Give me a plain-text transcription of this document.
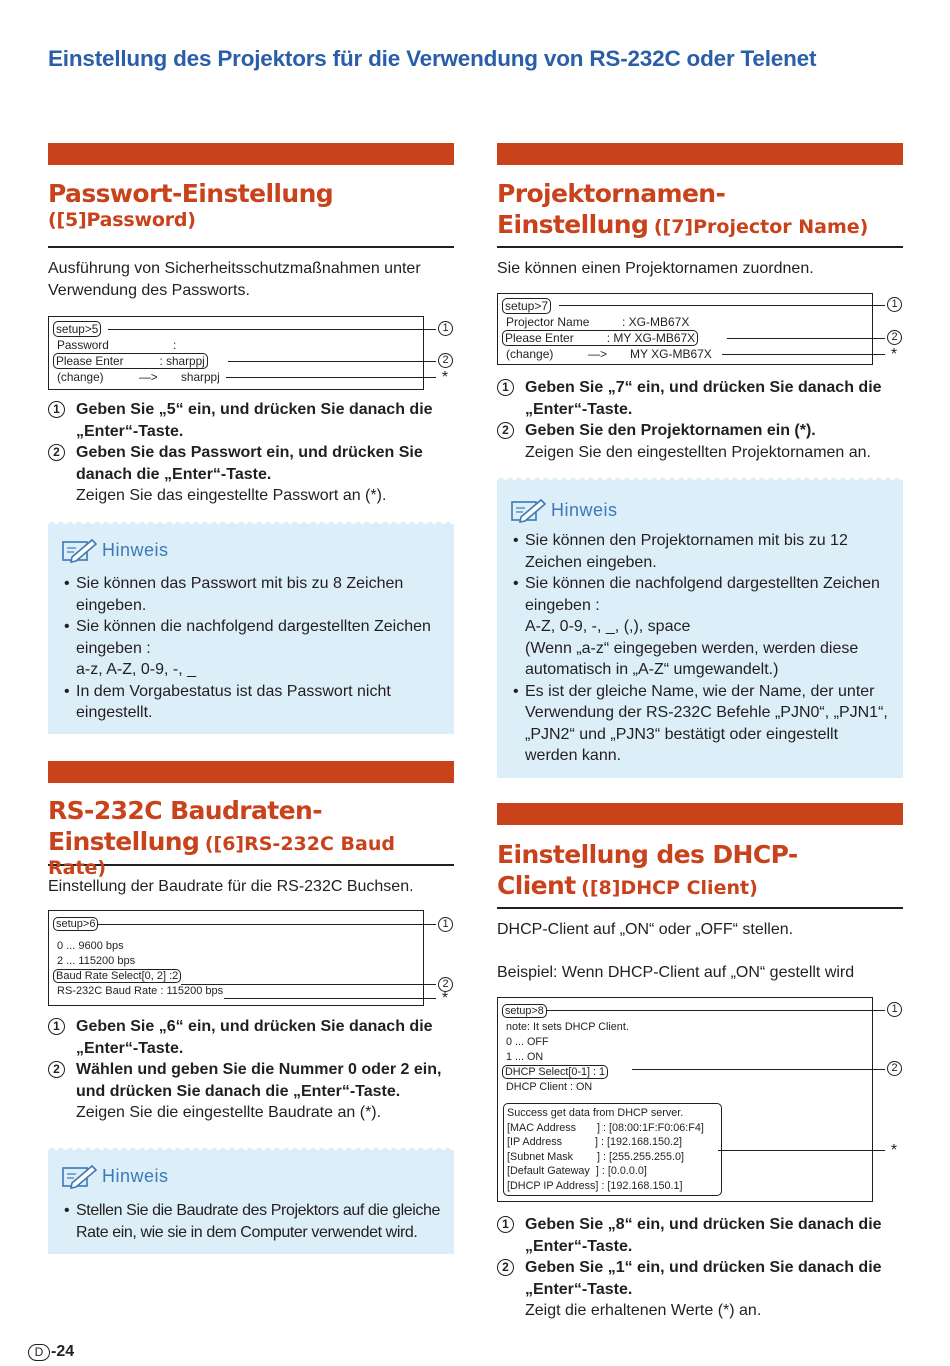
Einstellung des Projektors für die Verwendung von RS-232C oder Telenet
Passwort-Einstellung
([5]Password)
Ausführung von Sicherheitsschutzmaßnahmen unter Verwendung des Passworts.
setup>5
Password	:
Please Enter	: sharppj
(change)	—> sharppj
1
2
*
1	Geben Sie „5“ ein, und drücken Sie danach die „Enter“-Taste.
2	Geben Sie das Passwort ein, und drücken Sie danach die „Enter“-Taste.
Zeigen Sie das eingestellte Passwort an (*).
Hinweis
• Sie können das Passwort mit bis zu 8 Zeichen eingeben.
• Sie können die nachfolgend dargestellten Zeichen eingeben :
a-z, A-Z, 0-9, -, _
• In dem Vorgabestatus ist das Passwort nicht eingestellt.
RS-232C Baudraten-
Einstellung ([6]RS-232C Baud Rate)
Einstellung der Baudrate für die RS-232C Buchsen.
setup>6
0 ... 9600 bps
2 ... 115200 bps
Baud Rate Select[0, 2] :2
RS-232C Baud Rate : 115200 bps
1
2
*
1	Geben Sie „6“ ein, und drücken Sie danach die „Enter“-Taste.
2	Wählen und geben Sie die Nummer 0 oder 2 ein, und drücken Sie danach die „Enter“-Taste.
Zeigen Sie die eingestellte Baudrate an (*).
Hinweis
• Stellen Sie die Baudrate des Projektors auf die gleiche Rate ein, wie sie in dem Computer verwendet wird.
D -24
Projektornamen-
Einstellung ([7]Projector Name)
Sie können einen Projektornamen zuordnen.
setup>7
Projector Name	: XG-MB67X
Please Enter	: MY XG-MB67X
(change)	—> MY XG-MB67X
1
2
*
1	Geben Sie „7“ ein, und drücken Sie danach die „Enter“-Taste.
2	Geben Sie den Projektornamen ein (*).
Zeigen Sie den eingestellten Projektornamen an.
Hinweis
• Sie können den Projektornamen mit bis zu 12 Zeichen eingeben.
• Sie können die nachfolgend dargestellten Zeichen eingeben :
A-Z, 0-9, -, _, (,), space
(Wenn „a-z“ eingegeben werden, werden diese automatisch in „A-Z“ umgewandelt.)
• Es ist der gleiche Name, wie der Name, der unter Verwendung der RS-232C Befehle „PJN0“, „PJN1“, „PJN2“ und „PJN3“ bestätigt oder eingestellt werden kann.
Einstellung des DHCP-
Client ([8]DHCP Client)
DHCP-Client auf „ON“ oder „OFF“ stellen.
Beispiel: Wenn DHCP-Client auf „ON“ gestellt wird
setup>8
note: It sets DHCP Client.
0 ... OFF
1 ... ON
DHCP Select[0-1] : 1
DHCP Client : ON
Success get data from DHCP server.
[MAC Address       ] : [08:00:1F:F0:06:F4]
[IP Address           ] : [192.168.150.2]
[Subnet Mask        ] : [255.255.255.0]
[Default Gateway  ] : [0.0.0.0]
[DHCP IP Address] : [192.168.150.1]
1
2
*
1	Geben Sie „8“ ein, und drücken Sie danach die „Enter“-Taste.
2	Geben Sie „1“ ein, und drücken Sie danach die „Enter“-Taste.
Zeigt die erhaltenen Werte (*) an.
